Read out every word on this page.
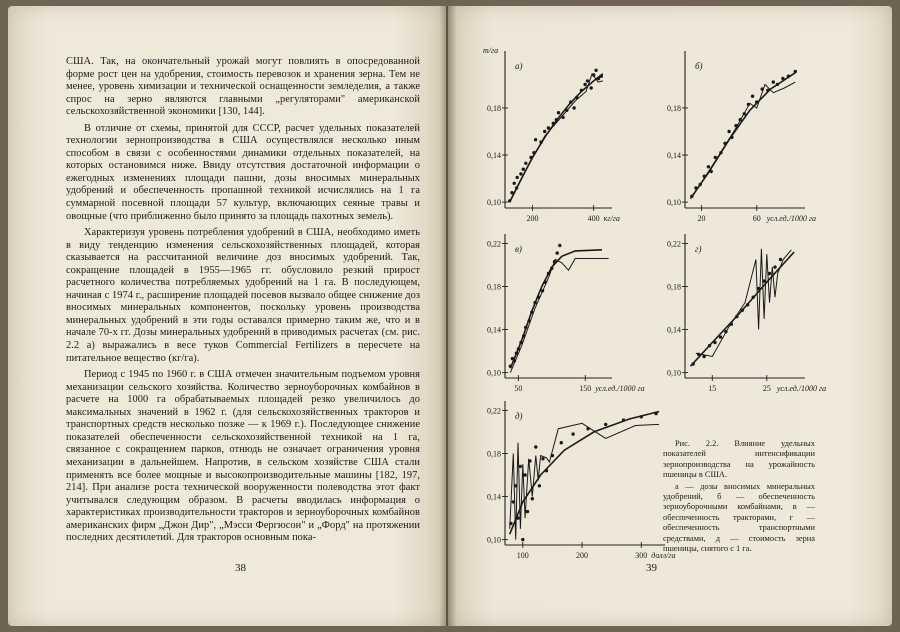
США. Так, на окончательный урожай могут повлиять в опосредованной форме рост цен на удобрения, стоимость перевозок и хранения зерна. Тем не менее, уровень химизации и технической оснащенности земледелия, а также спрос на зерно являются главными „регуляторами" американской сельскохозяйственной экономики [130, 144].

В отличие от схемы, принятой для СССР, расчет удельных показателей технологии зернопроизводства в США осуществлялся несколько иным способом в связи с особенностями динамики отдельных показателей, на которых остановимся ниже. Ввиду отсутствия достаточной информации о ежегодных изменениях площади пашни, дозы вносимых минеральных удобрений и обеспеченность пропашной техникой исчислялись на 1 га суммарной посевной площади 57 культур, включающих сеяные травы и овощные (что приближенно было принято за площадь пахотных земель).

Характеризуя уровень потребления удобрений в США, необходимо иметь в виду тенденцию изменения сельскохозяйственных площадей, которая сказывается на рассчитанной величине доз вносимых удобрений. Так, сокращение площадей в 1955—1965 гг. обусловило резкий прирост расчетного количества потребляемых удобрений на 1 га. В последующем, начиная с 1974 г., расширение площадей посевов вызвало общее снижение доз вносимых минеральных компонентов, поскольку уровень производства минеральных удобрений в эти годы оставался примерно таким же, что и в начале 70-х гг. Дозы минеральных удобрений в приводимых расчетах (см. рис. 2.2 а) выражались в весе туков Commercial Fertilizers в пересчете на питательное вещество (кг/га).

Период с 1945 по 1960 г. в США отмечен значительным подъемом уровня механизации сельского хозяйства. Количество зерноуборочных комбайнов в расчете на 1000 га обрабатываемых площадей резко увеличилось до максимальных значений в 1962 г. (для сельскохозяйственных тракторов и транспортных средств несколько позже — к 1969 г.). Последующее снижение показателей обеспеченности сельскохозяйственной техникой на 1 га, связанное с сокращением парков, отнюдь не означает ограничения уровня механизации в дальнейшем. Напротив, в сельском хозяйстве США стали применять все более мощные и высокопроизводительные машины [182, 197, 214]. При анализе роста технической вооруженности полеводства этот факт учитывался следующим образом. В расчеты вводилась информация о характеристиках производительности тракторов и зерноуборочных комбайнов американских фирм „Джон Дир", „Мэсси Фергюсон" и „Форд" на протяжении последних десятилетий. Для тракторов основным пока-

38	39
0,10
0,14
0,18
200	400 кг/га
т/га
а)
0,10
0,14
0,18
20	60 усл.ед./1000 га
б)
0,10
0,14
0,18
0,22
50	150 усл.ед./1000 га
в)
0,10
0,14
0,18
0,22
15	25 усл.ед./1000 га
г)
0,10
0,14
0,18
0,22
100	200	300 долл/га
д)

Рис. 2.2. Влияние удельных показателей интенсификации зернопроизводства на урожайность пшеницы в США.

а — дозы вносимых минеральных удобрений, б — обеспеченность зерноуборочными комбайнами, в — обеспеченность тракторами, г — обеспеченность транспортными средствами, д — стоимость зерна пшеницы, снятого с 1 га.
